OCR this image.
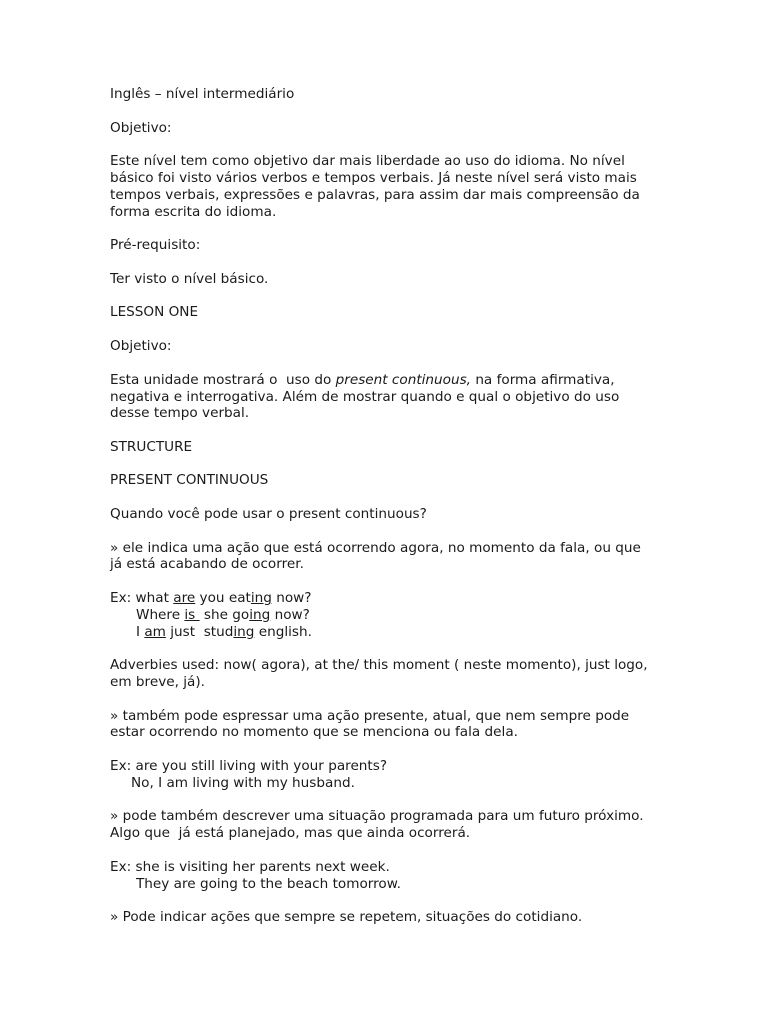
Inglês – nível intermediário
Objetivo:
Este nível tem como objetivo dar mais liberdade ao uso do idioma. No nível
básico foi visto vários verbos e tempos verbais. Já neste nível será visto mais
tempos verbais, expressões e palavras, para assim dar mais compreensão da
forma escrita do idioma.
Pré-requisito:
Ter visto o nível básico.
LESSON ONE
Objetivo:
Esta unidade mostrará o  uso do present continuous, na forma afirmativa,
negativa e interrogativa. Além de mostrar quando e qual o objetivo do uso
desse tempo verbal.
STRUCTURE
PRESENT CONTINUOUS
Quando você pode usar o present continuous?
» ele indica uma ação que está ocorrendo agora, no momento da fala, ou que
já está acabando de ocorrer.
Ex: what are you eating now?
Where is  she going now?
I am just  studing english.
Adverbies used: now( agora), at the/ this moment ( neste momento), just logo,
em breve, já).
» também pode espressar uma ação presente, atual, que nem sempre pode
estar ocorrendo no momento que se menciona ou fala dela.
Ex: are you still living with your parents?
No, I am living with my husband.
» pode também descrever uma situação programada para um futuro próximo.
Algo que  já está planejado, mas que ainda ocorrerá.
Ex: she is visiting her parents next week.
They are going to the beach tomorrow.
» Pode indicar ações que sempre se repetem, situações do cotidiano.
